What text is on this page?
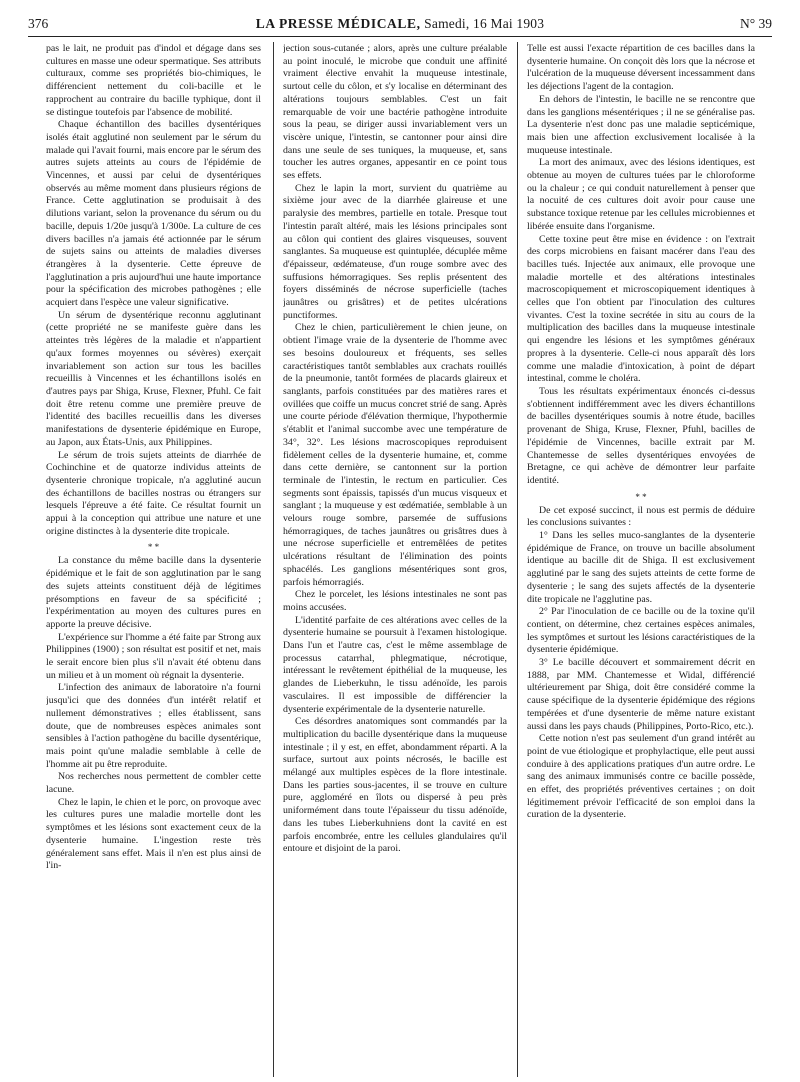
376	LA PRESSE MÉDICALE, Samedi, 16 Mai 1903	N° 39

pas le lait, ne produit pas d'indol et dégage dans ses cultures en masse une odeur spermatique. Ses attributs culturaux, comme ses propriétés bio-chimiques, le différencient nettement du coli-bacille et le rapprochent au contraire du bacille typhique, dont il se distingue toutefois par l'absence de mobilité.

Chaque échantillon des bacilles dysentériques isolés était agglutiné non seulement par le sérum du malade qui l'avait fourni, mais encore par le sérum des autres sujets atteints au cours de l'épidémie de Vincennes, et aussi par celui de dysentériques observés au même moment dans plusieurs régions de France. Cette agglutination se produisait à des dilutions variant, selon la provenance du sérum ou du bacille, depuis 1/20e jusqu'à 1/300e. La culture de ces divers bacilles n'a jamais été actionnée par le sérum de sujets sains ou atteints de maladies diverses étrangères à la dysenterie. Cette épreuve de l'agglutination a pris aujourd'hui une haute importance pour la spécification des microbes pathogènes ; elle acquiert dans l'espèce une valeur significative.

Un sérum de dysentérique reconnu agglutinant (cette propriété ne se manifeste guère dans les atteintes très légères de la maladie et n'appartient qu'aux formes moyennes ou sévères) exerçait invariablement son action sur tous les bacilles recueillis à Vincennes et les échantillons isolés en d'autres pays par Shiga, Kruse, Flexner, Pfuhl. Ce fait doit être retenu comme une première preuve de l'identité des bacilles recueillis dans les diverses manifestations de dysenterie épidémique en Europe, au Japon, aux États-Unis, aux Philippines.

Le sérum de trois sujets atteints de diarrhée de Cochinchine et de quatorze individus atteints de dysenterie chronique tropicale, n'a agglutiné aucun des échantillons de bacilles nostras ou étrangers sur lesquels l'épreuve a été faite. Ce résultat fournit un appui à la conception qui attribue une nature et une origine distinctes à la dysenterie dite tropicale.

* *

La constance du même bacille dans la dysenterie épidémique et le fait de son agglutination par le sang des sujets atteints constituent déjà de légitimes présomptions en faveur de sa spécificité ; l'expérimentation au moyen des cultures pures en apporte la preuve décisive.

L'expérience sur l'homme a été faite par Strong aux Philippines (1900) ; son résultat est positif et net, mais le serait encore bien plus s'il n'avait été obtenu dans un milieu et à un moment où régnait la dysenterie.

L'infection des animaux de laboratoire n'a fourni jusqu'ici que des données d'un intérêt relatif et nullement démonstratives ; elles établissent, sans doute, que de nombreuses espèces animales sont sensibles à l'action pathogène du bacille dysentérique, mais point qu'une maladie semblable à celle de l'homme ait pu être reproduite.

Nos recherches nous permettent de combler cette lacune.

Chez le lapin, le chien et le porc, on provoque avec les cultures pures une maladie mortelle dont les symptômes et les lésions sont exactement ceux de la dysenterie humaine. L'ingestion reste très généralement sans effet. Mais il n'en est plus ainsi de l'in-

jection sous-cutanée ; alors, après une culture préalable au point inoculé, le microbe que conduit une affinité vraiment élective envahit la muqueuse intestinale, surtout celle du côlon, et s'y localise en déterminant des altérations toujours semblables. C'est un fait remarquable de voir une bactérie pathogène introduite sous la peau, se diriger aussi invariablement vers un viscère unique, l'intestin, se cantonner pour ainsi dire dans une seule de ses tuniques, la muqueuse, et, sans toucher les autres organes, appesantir en ce point tous ses effets.

Chez le lapin la mort, survient du quatrième au sixième jour avec de la diarrhée glaireuse et une paralysie des membres, partielle en totale. Presque tout l'intestin paraît altéré, mais les lésions principales sont au côlon qui contient des glaires visqueuses, souvent sanglantes. Sa muqueuse est quintuplée, décuplée même d'épaisseur, œdémateuse, d'un rouge sombre avec des suffusions hémorragiques. Ses replis présentent des foyers disséminés de nécrose superficielle (taches jaunâtres ou grisâtres) et de petites ulcérations punctiformes.

Chez le chien, particulièrement le chien jeune, on obtient l'image vraie de la dysenterie de l'homme avec ses besoins douloureux et fréquents, ses selles caractéristiques tantôt semblables aux crachats rouillés de la pneumonie, tantôt formées de placards glaireux et sanglants, parfois constituées par des matières rares et ovillées que coiffe un mucus concret strié de sang. Après une courte période d'élévation thermique, l'hypothermie s'établit et l'animal succombe avec une température de 34°, 32°. Les lésions macroscopiques reproduisent fidèlement celles de la dysenterie humaine, et, comme dans cette dernière, se cantonnent sur la portion terminale de l'intestin, le rectum en particulier. Ces segments sont épaissis, tapissés d'un mucus visqueux et sanglant ; la muqueuse y est œdématiée, semblable à un velours rouge sombre, parsemée de suffusions hémorragiques, de taches jaunâtres ou grisâtres dues à une nécrose superficielle et entremêlées de petites ulcérations résultant de l'élimination des points sphacélés. Les ganglions mésentériques sont gros, parfois hémorragiés.

Chez le porcelet, les lésions intestinales ne sont pas moins accusées.

L'identité parfaite de ces altérations avec celles de la dysenterie humaine se poursuit à l'examen histologique. Dans l'un et l'autre cas, c'est le même assemblage de processus catarrhal, phlegmatique, nécrotique, intéressant le revêtement épithélial de la muqueuse, les glandes de Lieberkuhn, le tissu adénoïde, les parois vasculaires. Il est impossible de différencier la dysenterie expérimentale de la dysenterie naturelle.

Ces désordres anatomiques sont commandés par la multiplication du bacille dysentérique dans la muqueuse intestinale ; il y est, en effet, abondamment réparti. A la surface, surtout aux points nécrosés, le bacille est mélangé aux multiples espèces de la flore intestinale. Dans les parties sous-jacentes, il se trouve en culture pure, aggloméré en îlots ou dispersé à peu près uniformément dans toute l'épaisseur du tissu adénoïde, dans les tubes Lieberkuhniens dont la cavité en est parfois encombrée, entre les cellules glandulaires qu'il entoure et disjoint de la paroi.

Telle est aussi l'exacte répartition de ces bacilles dans la dysenterie humaine. On conçoit dès lors que la nécrose et l'ulcération de la muqueuse déversent incessamment dans les déjections l'agent de la contagion.

En dehors de l'intestin, le bacille ne se rencontre que dans les ganglions mésentériques ; il ne se généralise pas. La dysenterie n'est donc pas une maladie septicémique, mais bien une affection exclusivement localisée à la muqueuse intestinale.

La mort des animaux, avec des lésions identiques, est obtenue au moyen de cultures tuées par le chloroforme ou la chaleur ; ce qui conduit naturellement à penser que la nocuité de ces cultures doit avoir pour cause une substance toxique retenue par les cellules microbiennes et libérée ensuite dans l'organisme.

Cette toxine peut être mise en évidence : on l'extrait des corps microbiens en faisant macérer dans l'eau des bacilles tués. Injectée aux animaux, elle provoque une maladie mortelle et des altérations intestinales macroscopiquement et microscopiquement identiques à celles que l'on obtient par l'inoculation des cultures vivantes. C'est la toxine secrétée in situ au cours de la multiplication des bacilles dans la muqueuse intestinale qui engendre les lésions et les symptômes généraux propres à la dysenterie. Celle-ci nous apparaît dès lors comme une maladie d'intoxication, à point de départ intestinal, comme le choléra.

Tous les résultats expérimentaux énoncés ci-dessus s'obtiennent indifféremment avec les divers échantillons de bacilles dysentériques soumis à notre étude, bacilles provenant de Shiga, Kruse, Flexner, Pfuhl, bacilles de l'épidémie de Vincennes, bacille extrait par M. Chantemesse de selles dysentériques envoyées de Bretagne, ce qui achève de démontrer leur parfaite identité.

* *

De cet exposé succinct, il nous est permis de déduire les conclusions suivantes :

1° Dans les selles muco-sanglantes de la dysenterie épidémique de France, on trouve un bacille absolument identique au bacille dit de Shiga. Il est exclusivement agglutiné par le sang des sujets atteints de cette forme de dysenterie ; le sang des sujets affectés de la dysenterie dite tropicale ne l'agglutine pas.

2° Par l'inoculation de ce bacille ou de la toxine qu'il contient, on détermine, chez certaines espèces animales, les symptômes et surtout les lésions caractéristiques de la dysenterie épidémique.

3° Le bacille découvert et sommairement décrit en 1888, par MM. Chantemesse et Widal, différencié ultérieurement par Shiga, doit être considéré comme la cause spécifique de la dysenterie épidémique des régions tempérées et d'une dysenterie de même nature existant aussi dans les pays chauds (Philippines, Porto-Rico, etc.).

Cette notion n'est pas seulement d'un grand intérêt au point de vue étiologique et prophylactique, elle peut aussi conduire à des applications pratiques d'un autre ordre. Le sang des animaux immunisés contre ce bacille possède, en effet, des propriétés préventives certaines ; on doit légitimement prévoir l'efficacité de son emploi dans la curation de la dysenterie.
